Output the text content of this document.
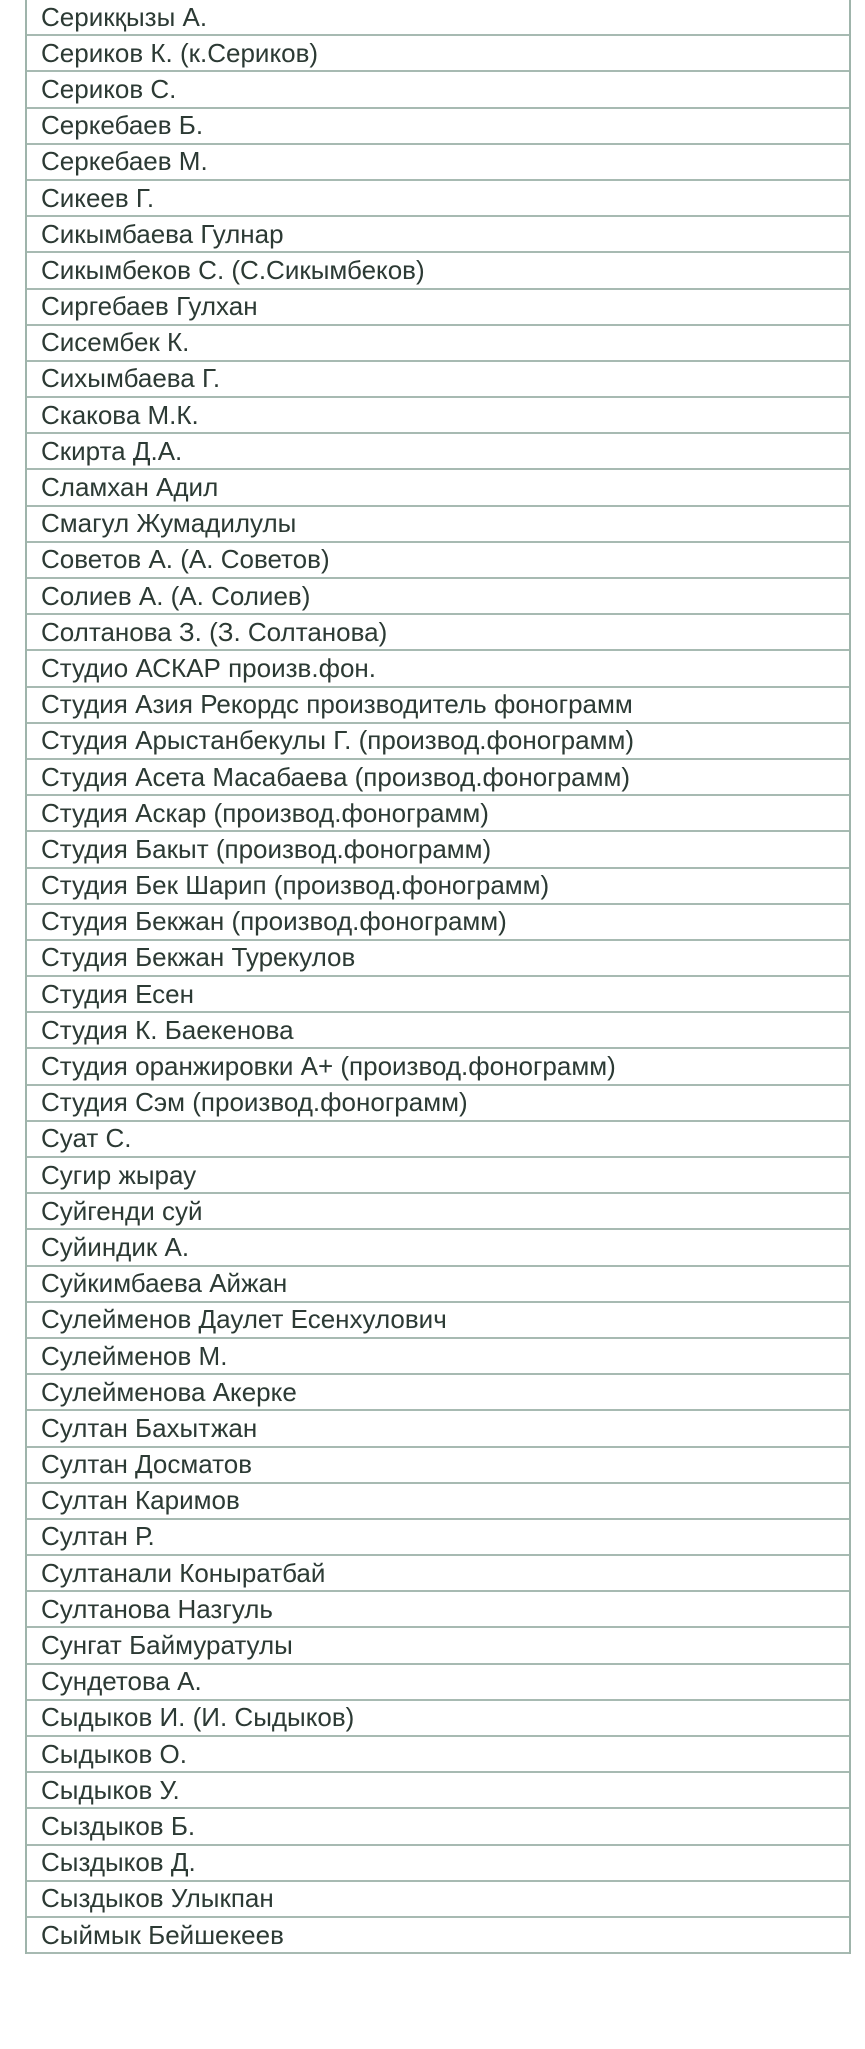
Серикқызы А.
Сериков К. (к.Сериков)
Сериков С.
Серкебаев Б.
Серкебаев М.
Сикеев Г.
Сикымбаева Гулнар
Сикымбеков С. (С.Сикымбеков)
Сиргебаев Гулхан
Сисембек К.
Сихымбаева Г.
Скакова М.К.
Скирта Д.А.
Сламхан Адил
Смагул Жумадилулы
Советов А. (А. Советов)
Солиев А. (А. Солиев)
Солтанова З. (З. Солтанова)
Студио АСКАР произв.фон.
Студия Азия Рекордс производитель фонограмм
Студия Арыстанбекулы Г. (производ.фонограмм)
Студия Асета Масабаева (производ.фонограмм)
Студия Аскар (производ.фонограмм)
Студия Бакыт (производ.фонограмм)
Студия Бек Шарип (производ.фонограмм)
Студия Бекжан (производ.фонограмм)
Студия Бекжан Турекулов
Студия Есен
Студия К. Баекенова
Студия оранжировки А+ (производ.фонограмм)
Студия Сэм (производ.фонограмм)
Суат С.
Сугир жырау
Суйгенди суй
Суйиндик А.
Суйкимбаева Айжан
Сулейменов Даулет Есенхулович
Сулейменов М.
Сулейменова Акерке
Султан Бахытжан
Султан Досматов
Султан Каримов
Султан Р.
Султанали Коныратбай
Султанова Назгуль
Сунгат Баймуратулы
Сундетова А.
Сыдыков И. (И. Сыдыков)
Сыдыков О.
Сыдыков У.
Сыздыков Б.
Сыздыков Д.
Сыздыков Улыкпан
Сыймык Бейшекеев
